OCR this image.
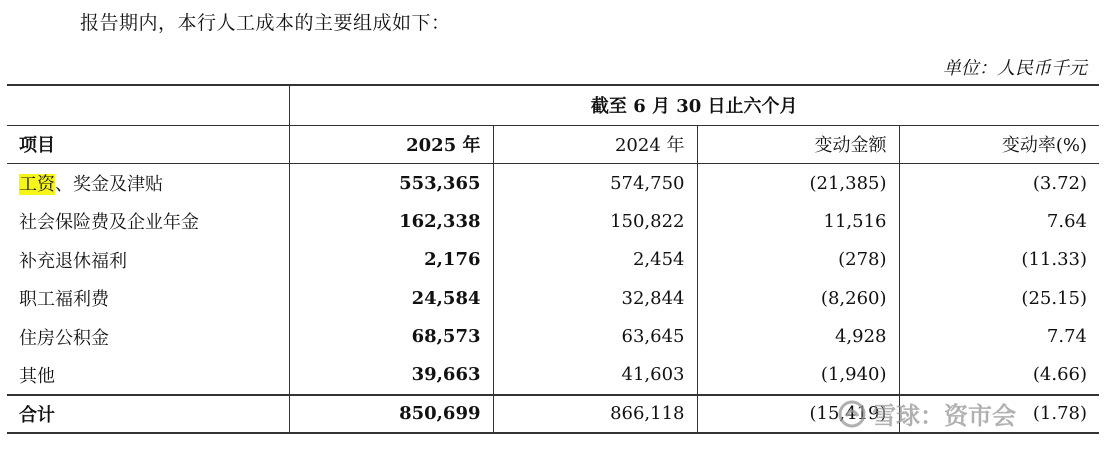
报告期内，本行人工成本的主要组成如下：
单位：人民币千元
	截至 6 月 30 日止六个月			
项目	2025 年	2024 年	变动金额	变动率(%)
工资、奖金及津贴	553,365	574,750	(21,385)	(3.72)
社会保险费及企业年金	162,338	150,822	11,516	7.64
补充退休福利	2,176	2,454	(278)	(11.33)
职工福利费	24,584	32,844	(8,260)	(25.15)
住房公积金	68,573	63,645	4,928	7.74
其他	39,663	41,603	(1,940)	(4.66)
合计	850,699	866,118	(15,419)	(1.78)
雪球：资市会
